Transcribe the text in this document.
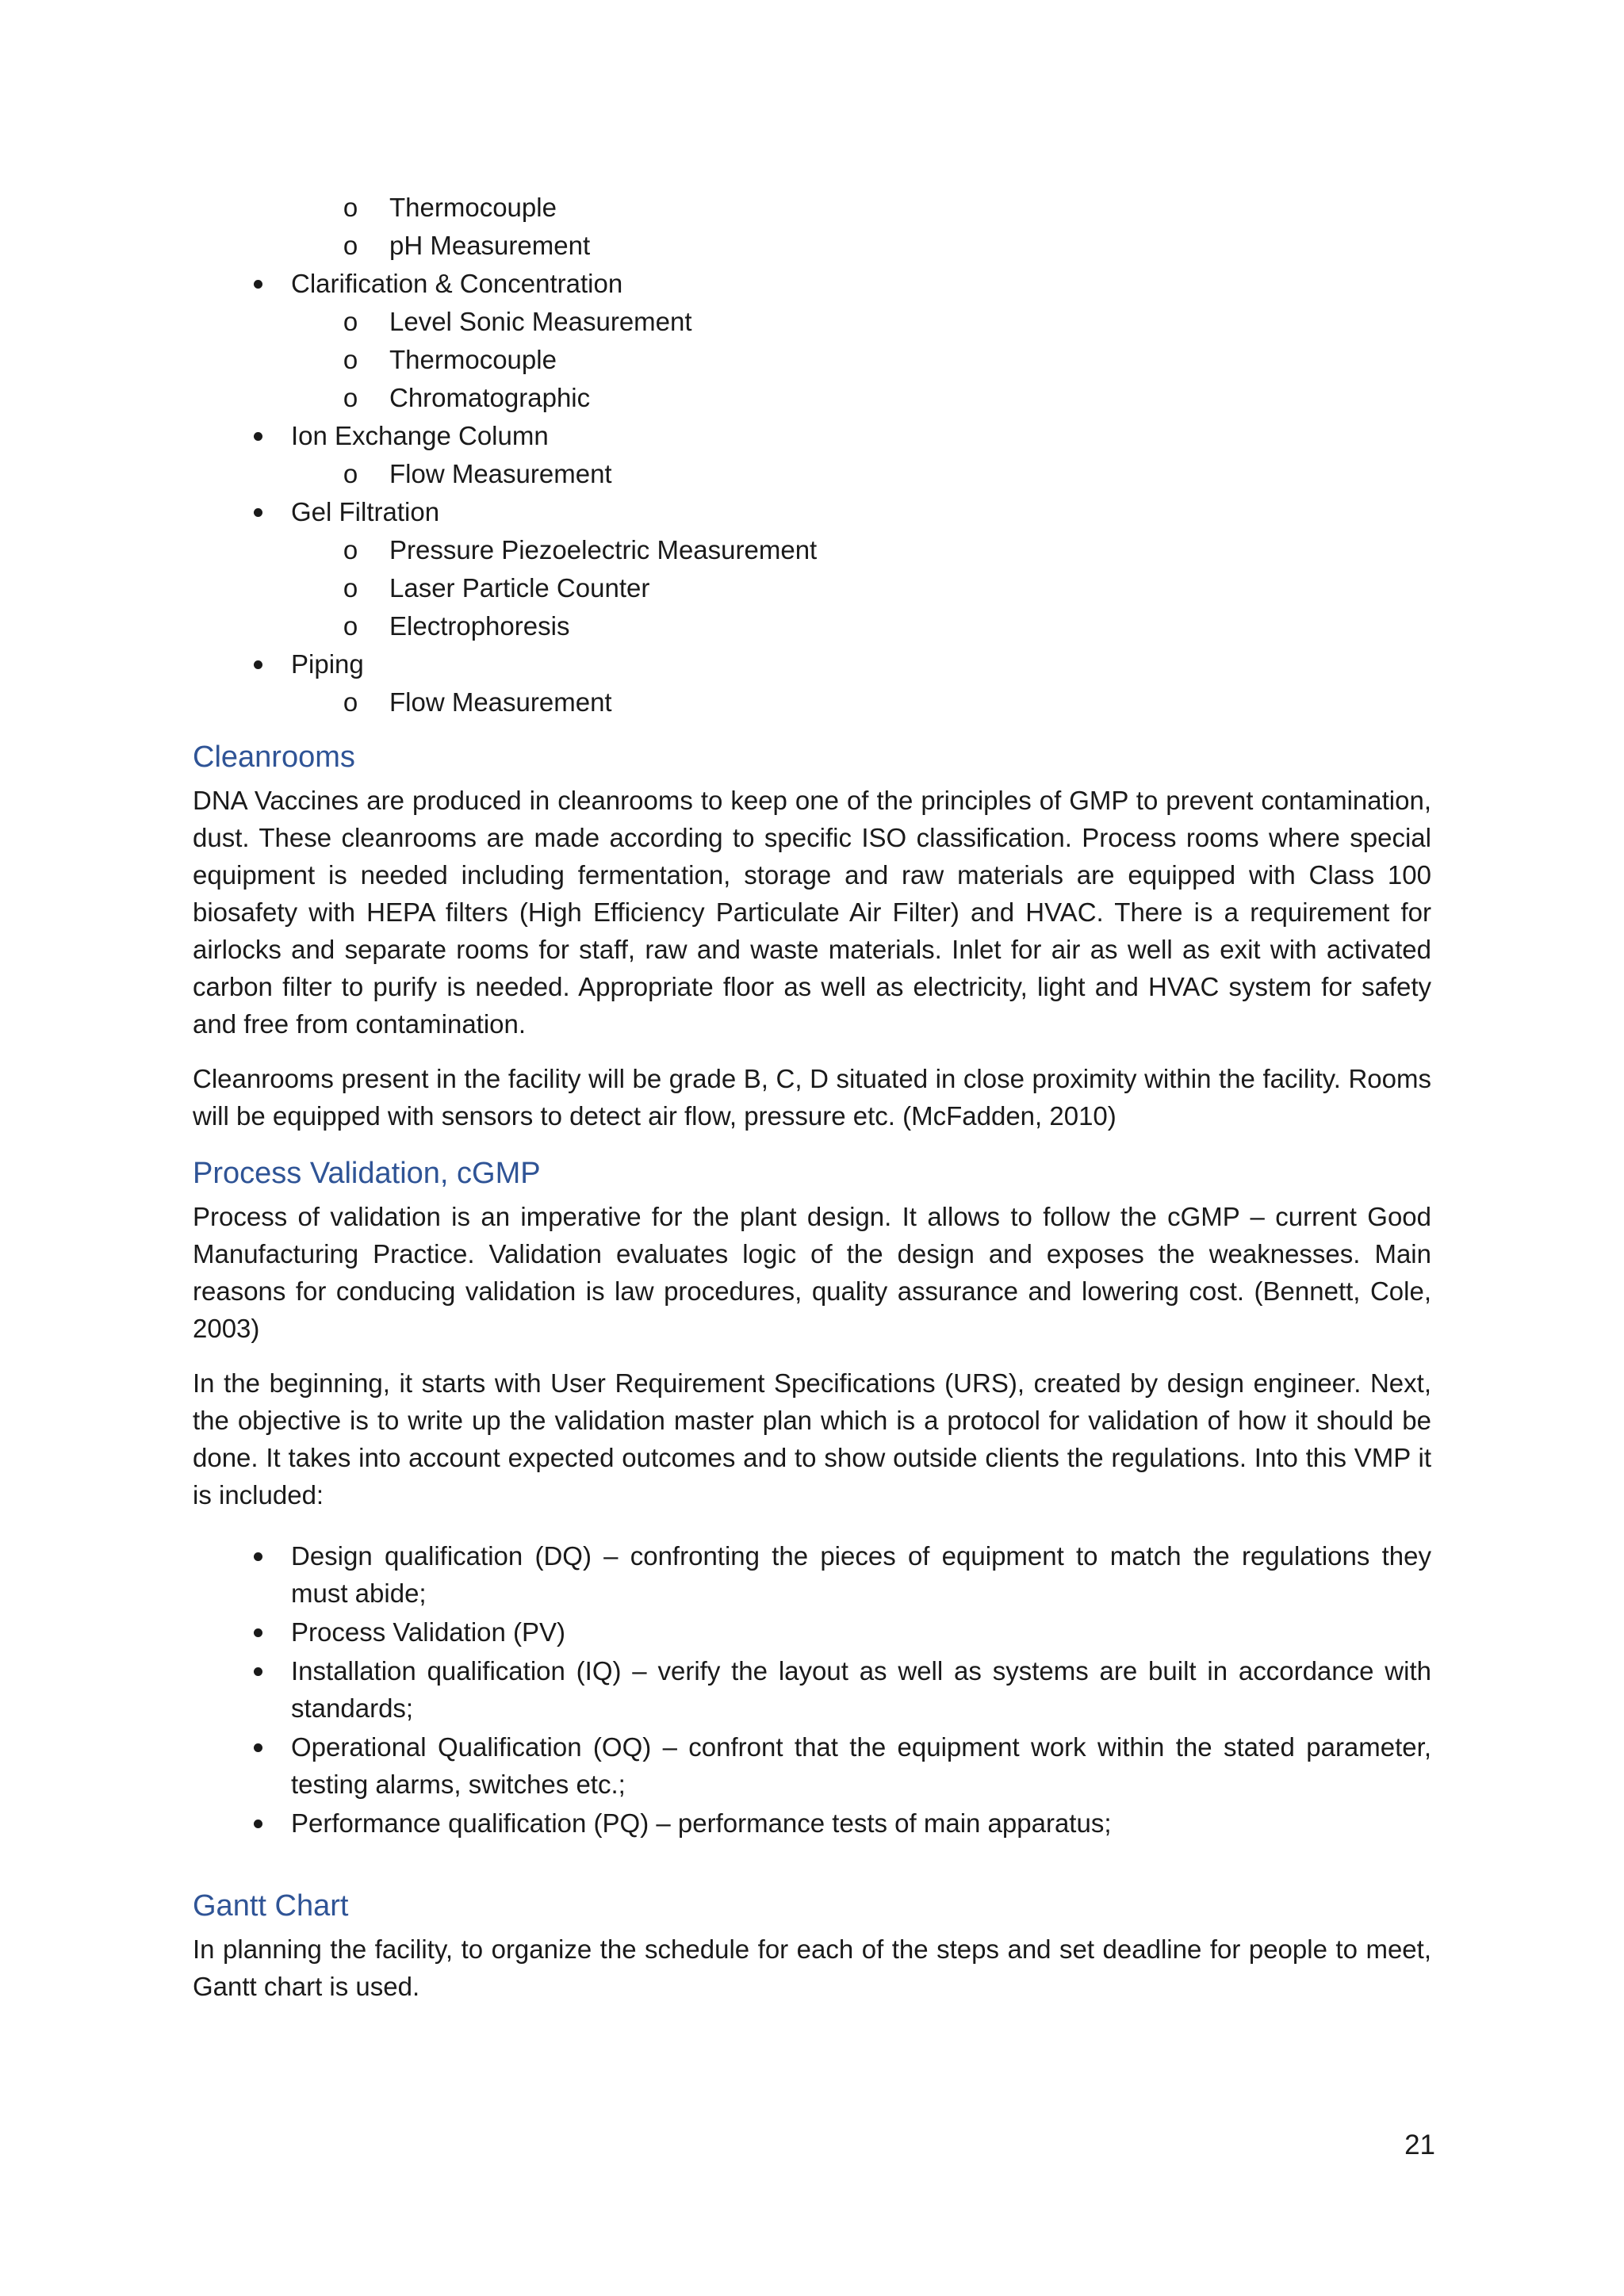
o Thermocouple
o pH Measurement
Clarification & Concentration
o Level Sonic Measurement
o Thermocouple
o Chromatographic
Ion Exchange Column
o Flow Measurement
Gel Filtration
o Pressure Piezoelectric Measurement
o Laser Particle Counter
o Electrophoresis
Piping
o Flow Measurement
Cleanrooms

DNA Vaccines are produced in cleanrooms to keep one of the principles of GMP to prevent contamination, dust. These cleanrooms are made according to specific ISO classification. Process rooms where special equipment is needed including fermentation, storage and raw materials are equipped with Class 100 biosafety with HEPA filters (High Efficiency Particulate Air Filter) and HVAC. There is a requirement for airlocks and separate rooms for staff, raw and waste materials. Inlet for air as well as exit with activated carbon filter to purify is needed. Appropriate floor as well as electricity, light and HVAC system for safety and free from contamination.

Cleanrooms present in the facility will be grade B, C, D situated in close proximity within the facility. Rooms will be equipped with sensors to detect air flow, pressure etc. (McFadden, 2010)

Process Validation, cGMP

Process of validation is an imperative for the plant design. It allows to follow the cGMP – current Good Manufacturing Practice. Validation evaluates logic of the design and exposes the weaknesses. Main reasons for conducing validation is law procedures, quality assurance and lowering cost. (Bennett, Cole, 2003)

In the beginning, it starts with User Requirement Specifications (URS), created by design engineer. Next, the objective is to write up the validation master plan which is a protocol for validation of how it should be done. It takes into account expected outcomes and to show outside clients the regulations. Into this VMP it is included:

Design qualification (DQ) – confronting the pieces of equipment to match the regulations they must abide;
Process Validation (PV)
Installation qualification (IQ) – verify the layout as well as systems are built in accordance with standards;
Operational Qualification (OQ) – confront that the equipment work within the stated parameter, testing alarms, switches etc.;
Performance qualification (PQ) – performance tests of main apparatus;
Gantt Chart

In planning the facility, to organize the schedule for each of the steps and set deadline for people to meet, Gantt chart is used.

21
